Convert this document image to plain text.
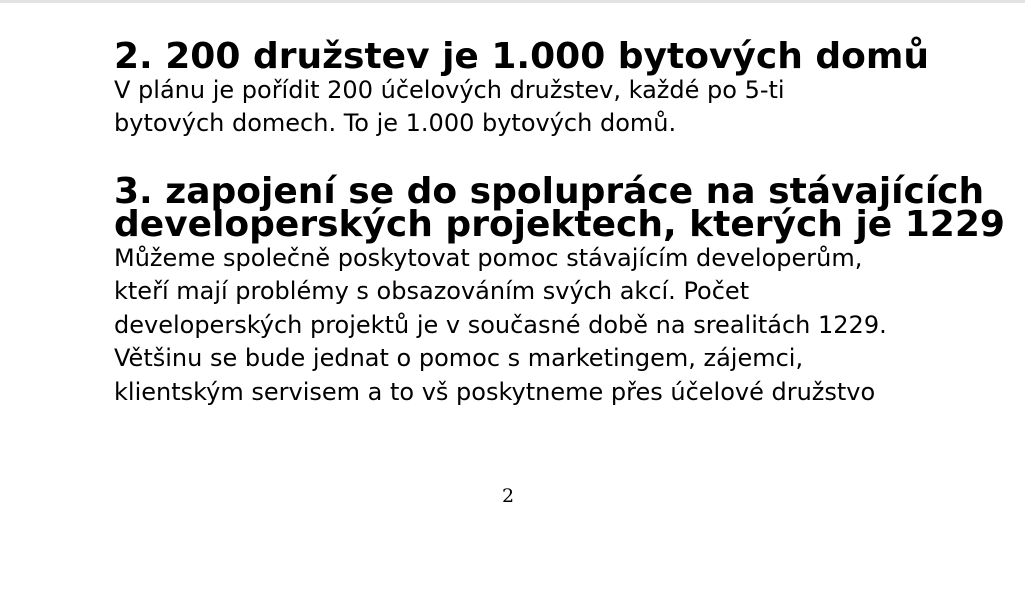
2. 200 družstev je 1.000 bytových domů

V plánu je pořídit 200 účelových družstev, každé po 5-ti
bytových domech. To je 1.000 bytových domů.

3. zapojení se do spolupráce na stávajících
developerských projektech, kterých je 1229

Můžeme společně poskytovat pomoc stávajícím developerům,
kteří mají problémy s obsazováním svých akcí. Počet
developerských projektů je v současné době na srealitách 1229.
Většinu se bude jednat o pomoc s marketingem, zájemci,
klientským servisem a to vš poskytneme přes účelové družstvo

2
